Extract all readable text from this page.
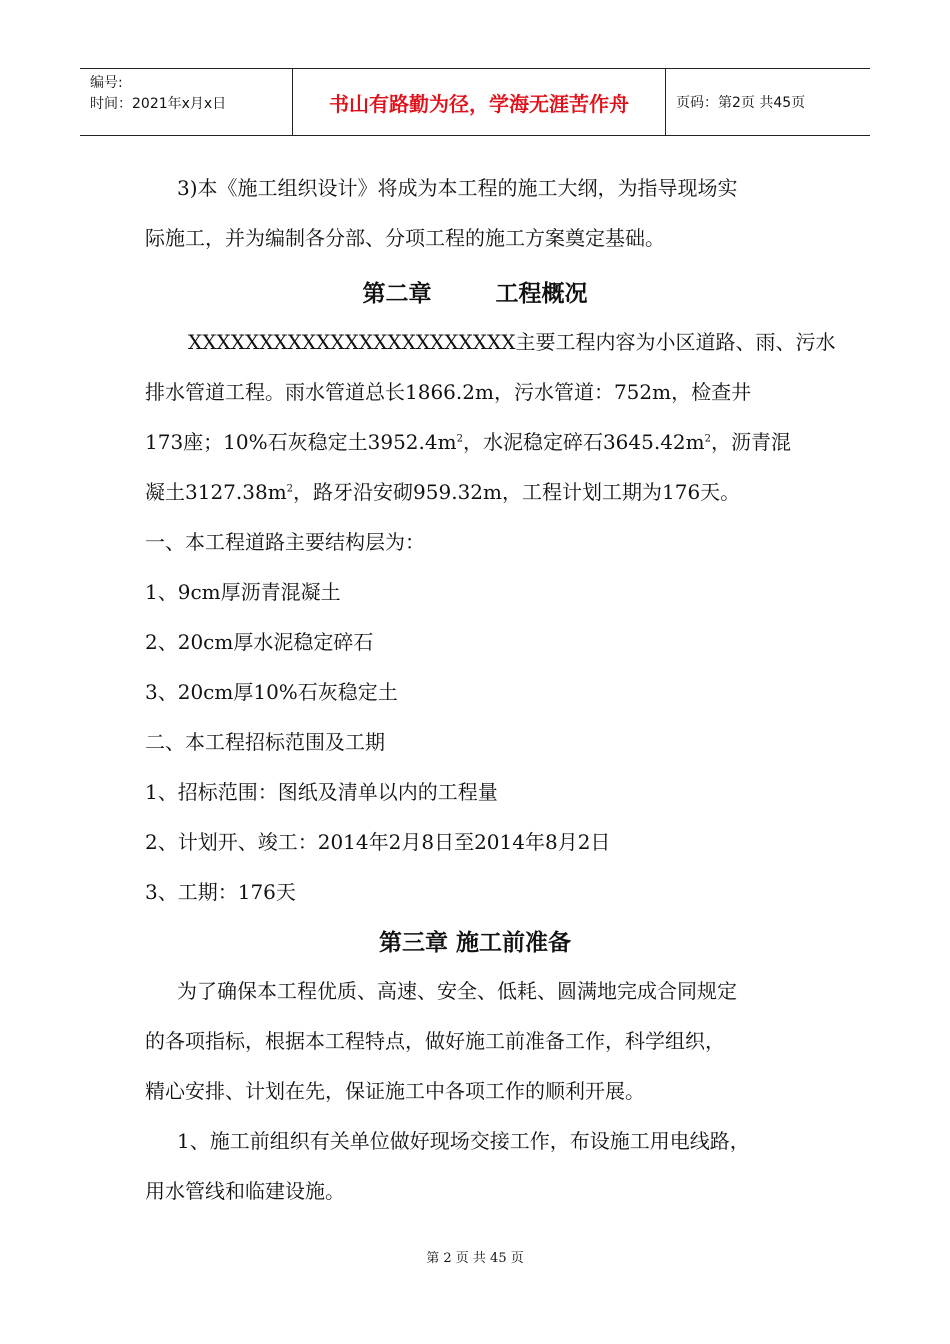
编号:
时间：2021年x月x日	书山有路勤为径，学海无涯苦作舟	页码：第2页 共45页

3)本《施工组织设计》将成为本工程的施工大纲，为指导现场实

际施工，并为编制各分部、分项工程的施工方案奠定基础。

第二章	工程概况

XXXXXXXXXXXXXXXXXXXXXXX主要工程内容为小区道路、雨、污水

排水管道工程。雨水管道总长1866.2m，污水管道：752m，检查井

173座；10%石灰稳定土$3952.4m^2$，水泥稳定碎石$3645.42m^2$，沥青混

凝土$3127.38m^2$，路牙沿安砌959.32m，工程计划工期为176天。

一、本工程道路主要结构层为：

1、9cm厚沥青混凝土

2、20cm厚水泥稳定碎石

3、20cm厚10%石灰稳定土

二、本工程招标范围及工期

1、招标范围：图纸及清单以内的工程量

2、计划开、竣工：2014年2月8日至2014年8月2日

3、工期：176天

第三章 施工前准备

为了确保本工程优质、高速、安全、低耗、圆满地完成合同规定

的各项指标，根据本工程特点，做好施工前准备工作，科学组织，

精心安排、计划在先，保证施工中各项工作的顺利开展。

1、施工前组织有关单位做好现场交接工作，布设施工用电线路，

用水管线和临建设施。

第 2 页 共 45 页
